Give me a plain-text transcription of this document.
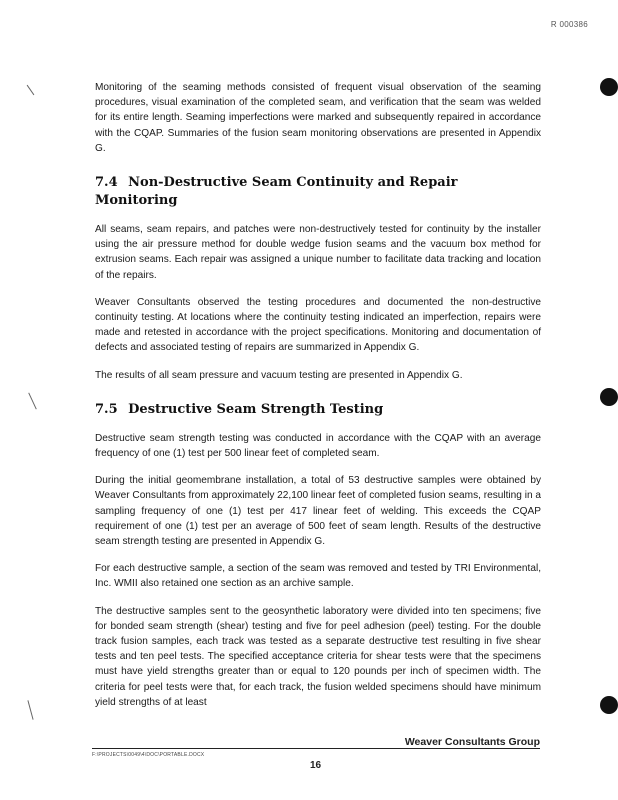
R 000386

Monitoring of the seaming methods consisted of frequent visual observation of the seaming procedures, visual examination of the completed seam, and verification that the seam was welded for its entire length. Seaming imperfections were marked and subsequently repaired in accordance with the CQAP. Summaries of the fusion seam monitoring observations are presented in Appendix G.

7.4 Non-Destructive Seam Continuity and Repair Monitoring

All seams, seam repairs, and patches were non-destructively tested for continuity by the installer using the air pressure method for double wedge fusion seams and the vacuum box method for extrusion seams. Each repair was assigned a unique number to facilitate data tracking and location of the repairs.

Weaver Consultants observed the testing procedures and documented the non-destructive continuity testing. At locations where the continuity testing indicated an imperfection, repairs were made and retested in accordance with the project specifications. Monitoring and documentation of defects and associated testing of repairs are summarized in Appendix G.

The results of all seam pressure and vacuum testing are presented in Appendix G.

7.5 Destructive Seam Strength Testing

Destructive seam strength testing was conducted in accordance with the CQAP with an average frequency of one (1) test per 500 linear feet of completed seam.

During the initial geomembrane installation, a total of 53 destructive samples were obtained by Weaver Consultants from approximately 22,100 linear feet of completed fusion seams, resulting in a sampling frequency of one (1) test per 417 linear feet of welding. This exceeds the CQAP requirement of one (1) test per an average of 500 feet of seam length. Results of the destructive seam strength testing are presented in Appendix G.

For each destructive sample, a section of the seam was removed and tested by TRI Environmental, Inc. WMII also retained one section as an archive sample.

The destructive samples sent to the geosynthetic laboratory were divided into ten specimens; five for bonded seam strength (shear) testing and five for peel adhesion (peel) testing. For the double track fusion samples, each track was tested as a separate destructive test resulting in five shear tests and ten peel tests. The specified acceptance criteria for shear tests were that the specimens must have yield strengths greater than or equal to 120 pounds per inch of specimen width. The criteria for peel tests were that, for each track, the fusion welded specimens should have minimum yield strengths of at least

Weaver Consultants Group
F:\PROJECTS\0049\4\DOC\PORTABLE.DOCX
16
